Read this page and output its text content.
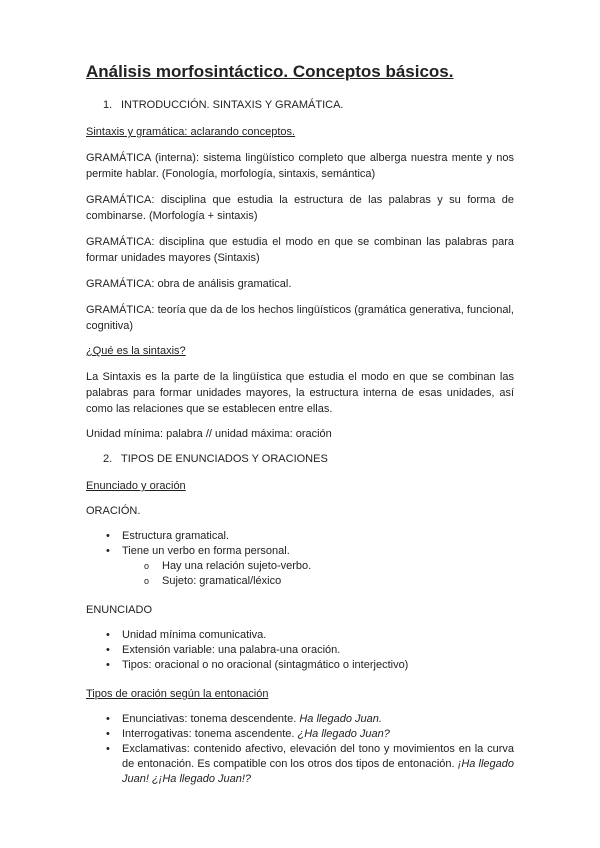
Análisis morfosintáctico. Conceptos básicos.
1. INTRODUCCIÓN. SINTAXIS Y GRAMÁTICA.
Sintaxis y gramática: aclarando conceptos.

GRAMÁTICA (interna): sistema lingüístico completo que alberga nuestra mente y nos permite hablar. (Fonología, morfología, sintaxis, semántica)

GRAMÁTICA: disciplina que estudia la estructura de las palabras y su forma de combinarse. (Morfología + sintaxis)

GRAMÁTICA: disciplina que estudia el modo en que se combinan las palabras para formar unidades mayores (Sintaxis)

GRAMÁTICA: obra de análisis gramatical.

GRAMÁTICA: teoría que da de los hechos lingüísticos (gramática generativa, funcional, cognitiva)

¿Qué es la sintaxis?

La Sintaxis es la parte de la lingüística que estudia el modo en que se combinan las palabras para formar unidades mayores, la estructura interna de esas unidades, así como las relaciones que se establecen entre ellas.

Unidad mínima: palabra // unidad máxima: oración
2. TIPOS DE ENUNCIADOS Y ORACIONES
Enunciado y oración
ORACIÓN.
• Estructura gramatical.
• Tiene un verbo en forma personal.
o Hay una relación sujeto-verbo.
o Sujeto: gramatical/léxico
ENUNCIADO
• Unidad mínima comunicativa.
• Extensión variable: una palabra-una oración.
• Tipos: oracional o no oracional (sintagmático o interjectivo)
Tipos de oración según la entonación
• Enunciativas: tonema descendente. Ha llegado Juan.
• Interrogativas: tonema ascendente. ¿Ha llegado Juan?
• Exclamativas: contenido afectivo, elevación del tono y movimientos en la curva de entonación. Es compatible con los otros dos tipos de entonación. ¡Ha llegado Juan! ¿¡Ha llegado Juan!?
